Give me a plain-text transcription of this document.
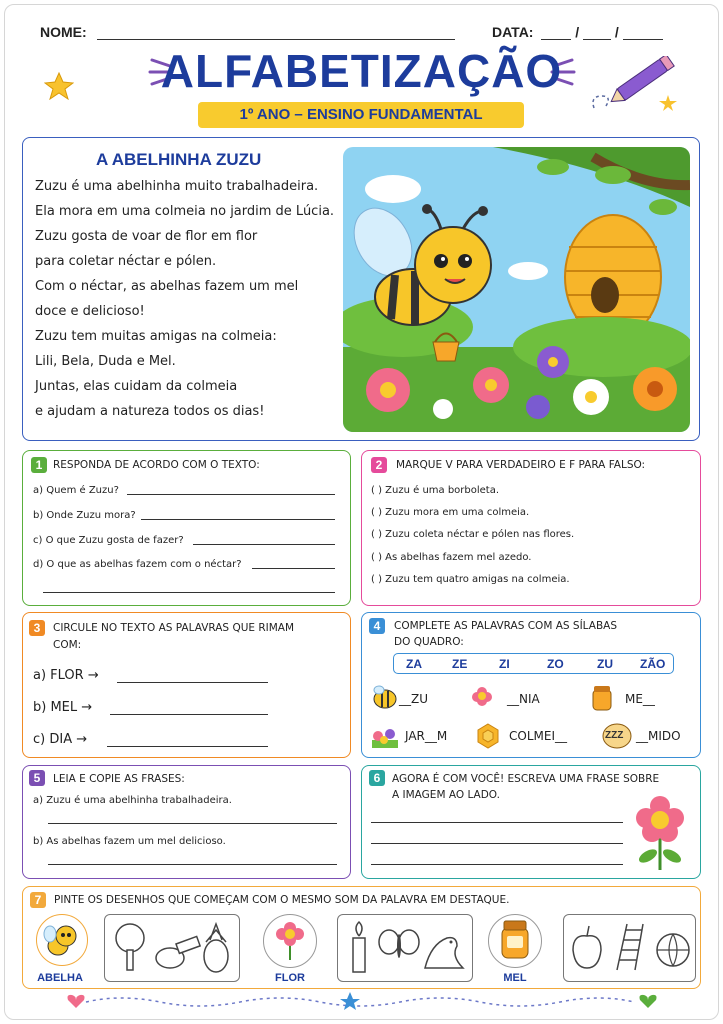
NOME:	DATA:	/	/
ALFABETIZAÇÃO
1º ANO – ENSINO FUNDAMENTAL
A ABELHINHA ZUZU
Zuzu é uma abelhinha muito trabalhadeira.
Ela mora em uma colmeia no jardim de Lúcia.
Zuzu gosta de voar de flor em flor
para coletar néctar e pólen.
Com o néctar, as abelhas fazem um mel
doce e delicioso!
Zuzu tem muitas amigas na colmeia:
Lili, Bela, Duda e Mel.
Juntas, elas cuidam da colmeia
e ajudam a natureza todos os dias!
1	RESPONDA DE ACORDO COM O TEXTO:
a) Quem é Zuzu?
b) Onde Zuzu mora?
c) O que Zuzu gosta de fazer?
d) O que as abelhas fazem com o néctar?
2	MARQUE V PARA VERDADEIRO E F PARA FALSO:
( ) Zuzu é uma borboleta.
( ) Zuzu mora em uma colmeia.
( ) Zuzu coleta néctar e pólen nas flores.
( ) As abelhas fazem mel azedo.
( ) Zuzu tem quatro amigas na colmeia.
3	CIRCULE NO TEXTO AS PALAVRAS QUE RIMAM
COM:
a) FLOR →
b) MEL →
c) DIA →
4	COMPLETE AS PALAVRAS COM AS SÍLABAS
DO QUADRO:
ZA	ZE	ZI	ZO	ZU ZÃO
__ZU	__NIA	ME__
JAR__M	COLMEI__	ZZZ __MIDO
5	LEIA E COPIE AS FRASES:
a) Zuzu é uma abelhinha trabalhadeira.
b) As abelhas fazem um mel delicioso.
6	AGORA É COM VOCÊ! ESCREVA UMA FRASE SOBRE
A IMAGEM AO LADO.
7	PINTE OS DESENHOS QUE COMEÇAM COM O MESMO SOM DA PALAVRA EM DESTAQUE.
ABELHA	FLOR	MEL
